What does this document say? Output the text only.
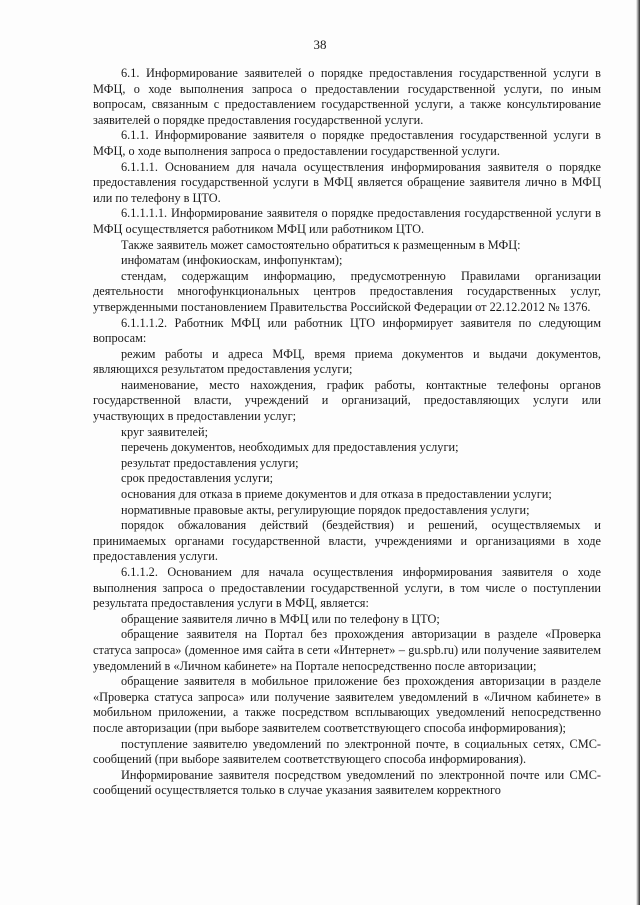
38

6.1. Информирование заявителей о порядке предоставления государственной услуги в МФЦ, о ходе выполнения запроса о предоставлении государственной услуги, по иным вопросам, связанным с предоставлением государственной услуги, а также консультирование заявителей о порядке предоставления государственной услуги.

6.1.1. Информирование заявителя о порядке предоставления государственной услуги в МФЦ, о ходе выполнения запроса о предоставлении государственной услуги.

6.1.1.1. Основанием для начала осуществления информирования заявителя о порядке предоставления государственной услуги в МФЦ является обращение заявителя лично в МФЦ или по телефону в ЦТО.

6.1.1.1.1. Информирование заявителя о порядке предоставления государственной услуги в МФЦ осуществляется работником МФЦ или работником ЦТО.

Также заявитель может самостоятельно обратиться к размещенным в МФЦ:

инфоматам (инфокиоскам, инфопунктам);

стендам, содержащим информацию, предусмотренную Правилами организации деятельности многофункциональных центров предоставления государственных услуг, утвержденными постановлением Правительства Российской Федерации от 22.12.2012 № 1376.

6.1.1.1.2. Работник МФЦ или работник ЦТО информирует заявителя по следующим вопросам:

режим работы и адреса МФЦ, время приема документов и выдачи документов, являющихся результатом предоставления услуги;

наименование, место нахождения, график работы, контактные телефоны органов государственной власти, учреждений и организаций, предоставляющих услуги или участвующих в предоставлении услуг;

круг заявителей;

перечень документов, необходимых для предоставления услуги;

результат предоставления услуги;

срок предоставления услуги;

основания для отказа в приеме документов и для отказа в предоставлении услуги;

нормативные правовые акты, регулирующие порядок предоставления услуги;

порядок обжалования действий (бездействия) и решений, осуществляемых и принимаемых органами государственной власти, учреждениями и организациями в ходе предоставления услуги.

6.1.1.2. Основанием для начала осуществления информирования заявителя о ходе выполнения запроса о предоставлении государственной услуги, в том числе о поступлении результата предоставления услуги в МФЦ, является:

обращение заявителя лично в МФЦ или по телефону в ЦТО;

обращение заявителя на Портал без прохождения авторизации в разделе «Проверка статуса запроса» (доменное имя сайта в сети «Интернет» – gu.spb.ru) или получение заявителем уведомлений в «Личном кабинете» на Портале непосредственно после авторизации;

обращение заявителя в мобильное приложение без прохождения авторизации в разделе «Проверка статуса запроса» или получение заявителем уведомлений в «Личном кабинете» в мобильном приложении, а также посредством всплывающих уведомлений непосредственно после авторизации (при выборе заявителем соответствующего способа информирования);

поступление заявителю уведомлений по электронной почте, в социальных сетях, СМС-сообщений (при выборе заявителем соответствующего способа информирования).

Информирование заявителя посредством уведомлений по электронной почте или СМС-сообщений осуществляется только в случае указания заявителем корректного
